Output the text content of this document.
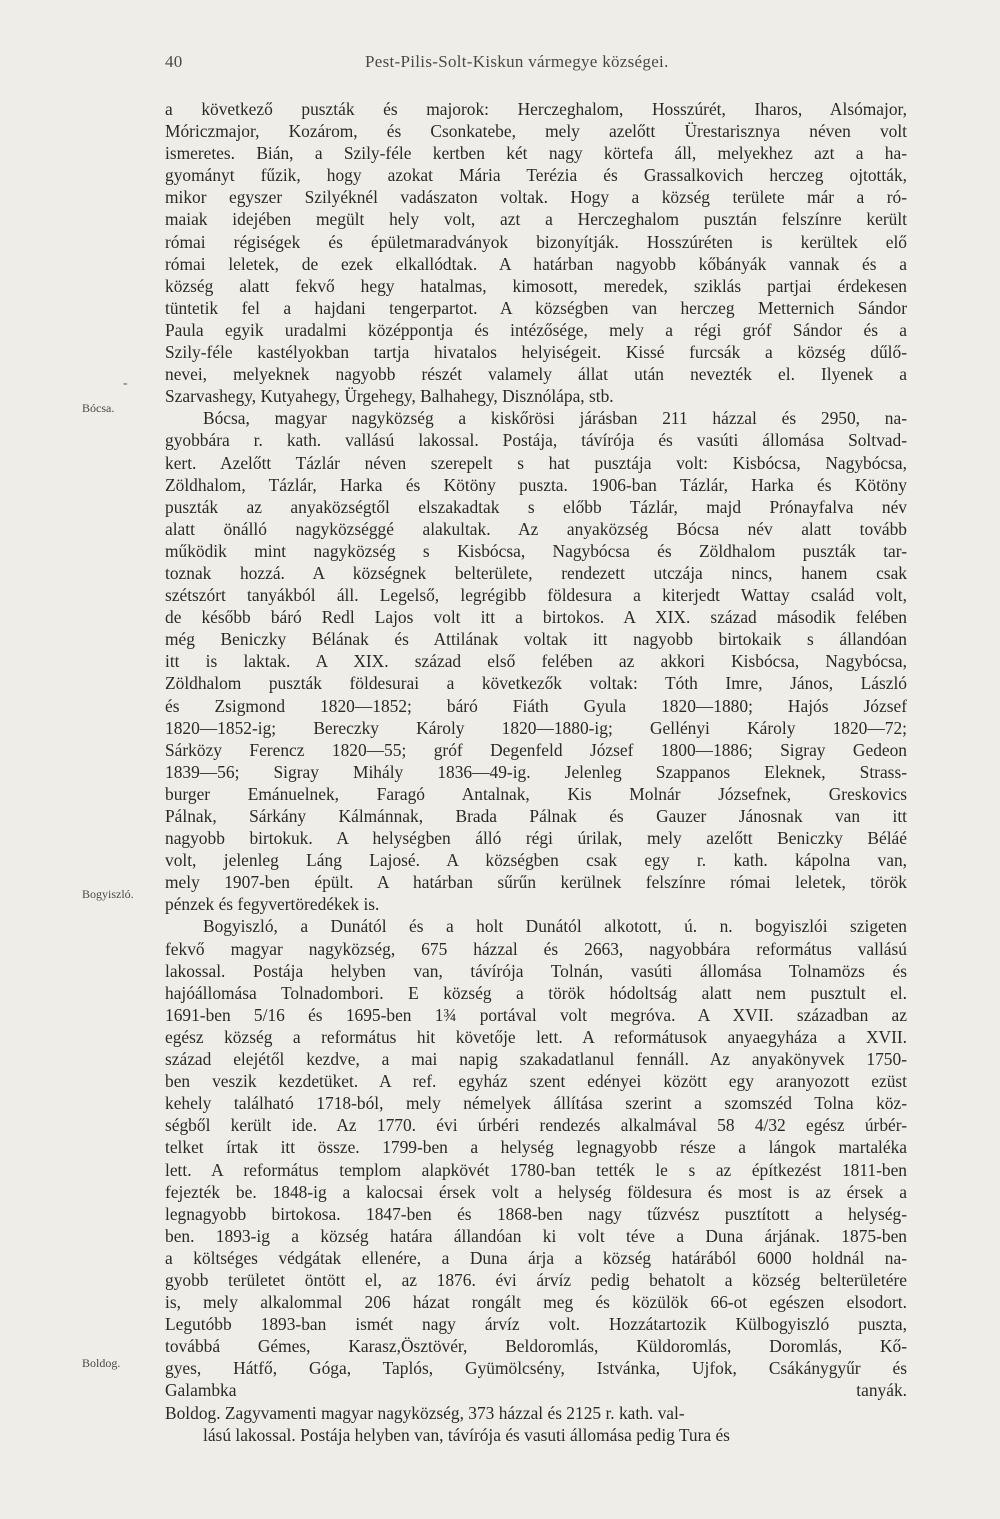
40	Pest-Pilis-Solt-Kiskun vármegye községei.
-
Bócsa.
Bogyiszló.
Boldog.
a következő puszták és majorok: Herczeghalom, Hosszúrét, Iharos, Alsómajor,
Móriczmajor, Kozárom, és Csonkatebe, mely azelőtt Ürestarisznya néven volt
ismeretes. Bián, a Szily-féle kertben két nagy körtefa áll, melyekhez azt a ha-
gyományt fűzik, hogy azokat Mária Terézia és Grassalkovich herczeg ojtották,
mikor egyszer Szilyéknél vadászaton voltak. Hogy a község területe már a ró-
maiak idejében megült hely volt, azt a Herczeghalom pusztán felszínre került
római régiségek és épületmaradványok bizonyítják. Hosszúréten is kerültek elő
római leletek, de ezek elkallódtak. A határban nagyobb kőbányák vannak és a
község alatt fekvő hegy hatalmas, kimosott, meredek, sziklás partjai érdekesen
tüntetik fel a hajdani tengerpartot. A községben van herczeg Metternich Sándor
Paula egyik uradalmi középpontja és intézősége, mely a régi gróf Sándor és a
Szily-féle kastélyokban tartja hivatalos helyiségeit. Kissé furcsák a község dűlő-
nevei, melyeknek nagyobb részét valamely állat után nevezték el. Ilyenek a
Szarvashegy, Kutyahegy, Ürgehegy, Balhahegy, Disznólápa, stb.
Bócsa, magyar nagyközség a kiskőrösi járásban 211 házzal és 2950, na-
gyobbára r. kath. vallású lakossal. Postája, távírója és vasúti állomása Soltvad-
kert. Azelőtt Tázlár néven szerepelt s hat pusztája volt: Kisbócsa, Nagybócsa,
Zöldhalom, Tázlár, Harka és Kötöny puszta. 1906-ban Tázlár, Harka és Kötöny
puszták az anyaközségtől elszakadtak s előbb Tázlár, majd Prónayfalva név
alatt önálló nagyközséggé alakultak. Az anyaközség Bócsa név alatt tovább
működik mint nagyközség s Kisbócsa, Nagybócsa és Zöldhalom puszták tar-
toznak hozzá. A községnek belterülete, rendezett utczája nincs, hanem csak
szétszórt tanyákból áll. Legelső, legrégibb földesura a kiterjedt Wattay család volt,
de később báró Redl Lajos volt itt a birtokos. A XIX. század második felében
még Beniczky Bélának és Attilának voltak itt nagyobb birtokaik s állandóan
itt is laktak. A XIX. század első felében az akkori Kisbócsa, Nagybócsa,
Zöldhalom puszták földesurai a következők voltak: Tóth Imre, János, László
és Zsigmond 1820—1852; báró Fiáth Gyula 1820—1880; Hajós József
1820—1852-ig; Bereczky Károly 1820—1880-ig; Gellényi Károly 1820—72;
Sárközy Ferencz 1820—55; gróf Degenfeld József 1800—1886; Sigray Gedeon
1839—56; Sigray Mihály 1836—49-ig. Jelenleg Szappanos Eleknek, Strass-
burger Emánuelnek, Faragó Antalnak, Kis Molnár Józsefnek, Greskovics
Pálnak, Sárkány Kálmánnak, Brada Pálnak és Gauzer Jánosnak van itt
nagyobb birtokuk. A helységben álló régi úrilak, mely azelőtt Beniczky Béláé
volt, jelenleg Láng Lajosé. A községben csak egy r. kath. kápolna van,
mely 1907-ben épült. A határban sűrűn kerülnek felszínre római leletek, török
pénzek és fegyvertöredékek is.
Bogyiszló, a Dunától és a holt Dunától alkotott, ú. n. bogyiszlói szigeten
fekvő magyar nagyközség, 675 házzal és 2663, nagyobbára református vallású
lakossal. Postája helyben van, távírója Tolnán, vasúti állomása Tolnamözs és
hajóállomása Tolnadombori. E község a török hódoltság alatt nem pusztult el.
1691-ben 5/16 és 1695-ben 1¾ portával volt megróva. A XVII. században az
egész község a református hit követője lett. A reformátusok anyaegyháza a XVII.
század elejétől kezdve, a mai napig szakadatlanul fennáll. Az anyakönyvek 1750-
ben veszik kezdetüket. A ref. egyház szent edényei között egy aranyozott ezüst
kehely található 1718-ból, mely némelyek állítása szerint a szomszéd Tolna köz-
ségből került ide. Az 1770. évi úrbéri rendezés alkalmával 58 4/32 egész úrbér-
telket írtak itt össze. 1799-ben a helység legnagyobb része a lángok martaléka
lett. A református templom alapkövét 1780-ban tették le s az építkezést 1811-ben
fejezték be. 1848-ig a kalocsai érsek volt a helység földesura és most is az érsek a
legnagyobb birtokosa. 1847-ben és 1868-ben nagy tűzvész pusztított a helység-
ben. 1893-ig a község határa állandóan ki volt téve a Duna árjának. 1875-ben
a költséges védgátak ellenére, a Duna árja a község határából 6000 holdnál na-
gyobb területet öntött el, az 1876. évi árvíz pedig behatolt a község belterületére
is, mely alkalommal 206 házat rongált meg és közülök 66-ot egészen elsodort.
Legutóbb 1893-ban ismét nagy árvíz volt. Hozzátartozik Külbogyiszló puszta,
továbbá Gémes, Karasz,Ösztövér, Beldoromlás, Küldoromlás, Doromlás, Kő-
gyes, Hátfő, Góga, Taplós, Gyümölcsény, Istvánka, Ujfok, Csákánygyűr és
Galambka tanyák.
Boldog. Zagyvamenti magyar nagyközség, 373 házzal és 2125 r. kath. val-
lású lakossal. Postája helyben van, távírója és vasuti állomása pedig Tura és
